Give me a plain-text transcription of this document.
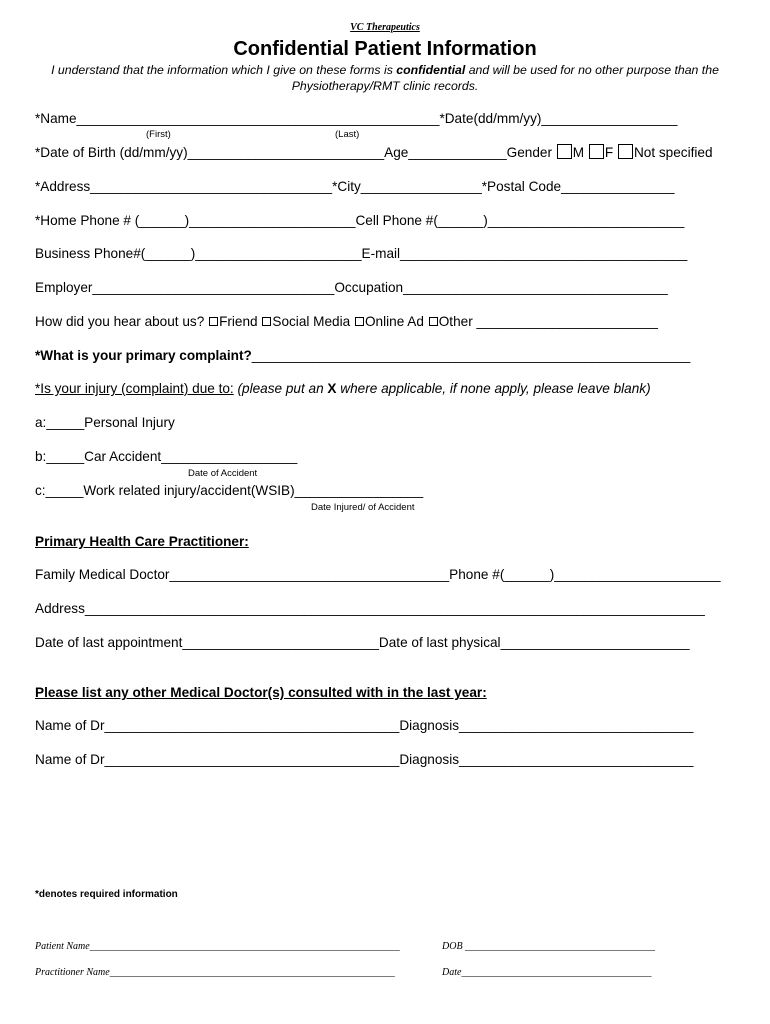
VC Therapeutics
Confidential Patient Information
I understand that the information which I give on these forms is confidential and will be used for no other purpose than the Physiotherapy/RMT clinic records.
*Name________________________________________________*Date(dd/mm/yy)__________________
(First)	(Last)
*Date of Birth (dd/mm/yy)__________________________Age_____________Gender M F Not specified
*Address________________________________*City________________*Postal Code_______________
*Home Phone # (______)______________________Cell Phone #(______)__________________________
Business Phone#(______)______________________E-mail______________________________________
Employer________________________________Occupation___________________________________
How did you hear about us? Friend Social Media Online Ad Other ________________________
*What is your primary complaint?__________________________________________________________
*Is your injury (complaint) due to: (please put an X where applicable, if none apply, please leave blank)
a:_____Personal Injury
b:_____Car Accident__________________
Date of Accident
c:_____Work related injury/accident(WSIB)_________________
Date Injured/ of Accident
Primary Health Care Practitioner:
Family Medical Doctor_____________________________________Phone #(______)______________________
Address__________________________________________________________________________________
Date of last appointment__________________________Date of last physical_________________________
Please list any other Medical Doctor(s) consulted with in the last year:
Name of Dr_______________________________________Diagnosis_______________________________
Name of Dr_______________________________________Diagnosis_______________________________
*denotes required information
Patient Name______________________________________________________________	DOB ______________________________________
Practitioner Name_________________________________________________________	Date______________________________________
